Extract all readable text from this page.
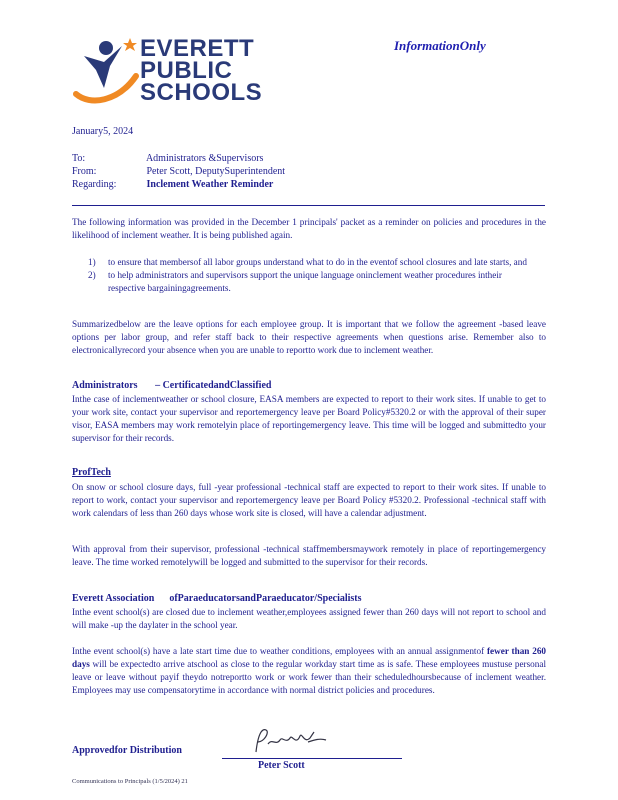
EVERETT
PUBLIC
SCHOOLS
InformationOnly
January5, 2024
To:	Administrators &Supervisors
From:	Peter Scott, DeputySuperintendent
Regarding:	Inclement Weather Reminder
The following information was provided in the December 1 principals' packet as a reminder on policies and procedures in the likelihood of inclement weather. It is being published again.
1) to ensure that membersof all labor groups understand what to do in the eventof school closures and late starts, and
2) to help administrators and supervisors support the unique language oninclement weather procedures intheir respective bargainingagreements.
Summarizedbelow are the leave options for each employee group. It is important that we follow the agreement -based leave options per labor group, and refer staff back to their respective agreements when questions arise. Remember also to electronicallyrecord your absence when you are unable to reportto work due to inclement weather.
Administrators – CertificatedandClassified
Inthe case of inclementweather or school closure, EASA members are expected to report to their work sites. If unable to get to your work site, contact your supervisor and reportemergency leave per Board Policy#5320.2 or with the approval of their super visor, EASA members may work remotelyin place of reportingemergency leave. This time will be logged and submittedto your supervisor for their records.
ProfTech
On snow or school closure days, full -year professional -technical staff are expected to report to their work sites. If unable to report to work, contact your supervisor and reportemergency leave per Board Policy #5320.2. Professional -technical staff with work calendars of less than 260 days whose work site is closed, will have a calendar adjustment.
With approval from their supervisor, professional -technical staffmembersmaywork remotely in place of reportingemergency leave. The time worked remotelywill be logged and submitted to the supervisor for their records.
Everett Association ofParaeducatorsandParaeducator/Specialists
Inthe event school(s) are closed due to inclement weather,employees assigned fewer than 260 days will not report to school and will make -up the daylater in the school year.
Inthe event school(s) have a late start time due to weather conditions, employees with an annual assignmentof fewer than 260 days will be expectedto arrive atschool as close to the regular workday start time as is safe. These employees mustuse personal leave or leave without payif theydo notreportto work or work fewer than their scheduledhoursbecause of inclement weather. Employees may use compensatorytime in accordance with normal district policies and procedures.
Approvedfor Distribution
Peter Scott
Communications to Principals (1/5/2024) 21
